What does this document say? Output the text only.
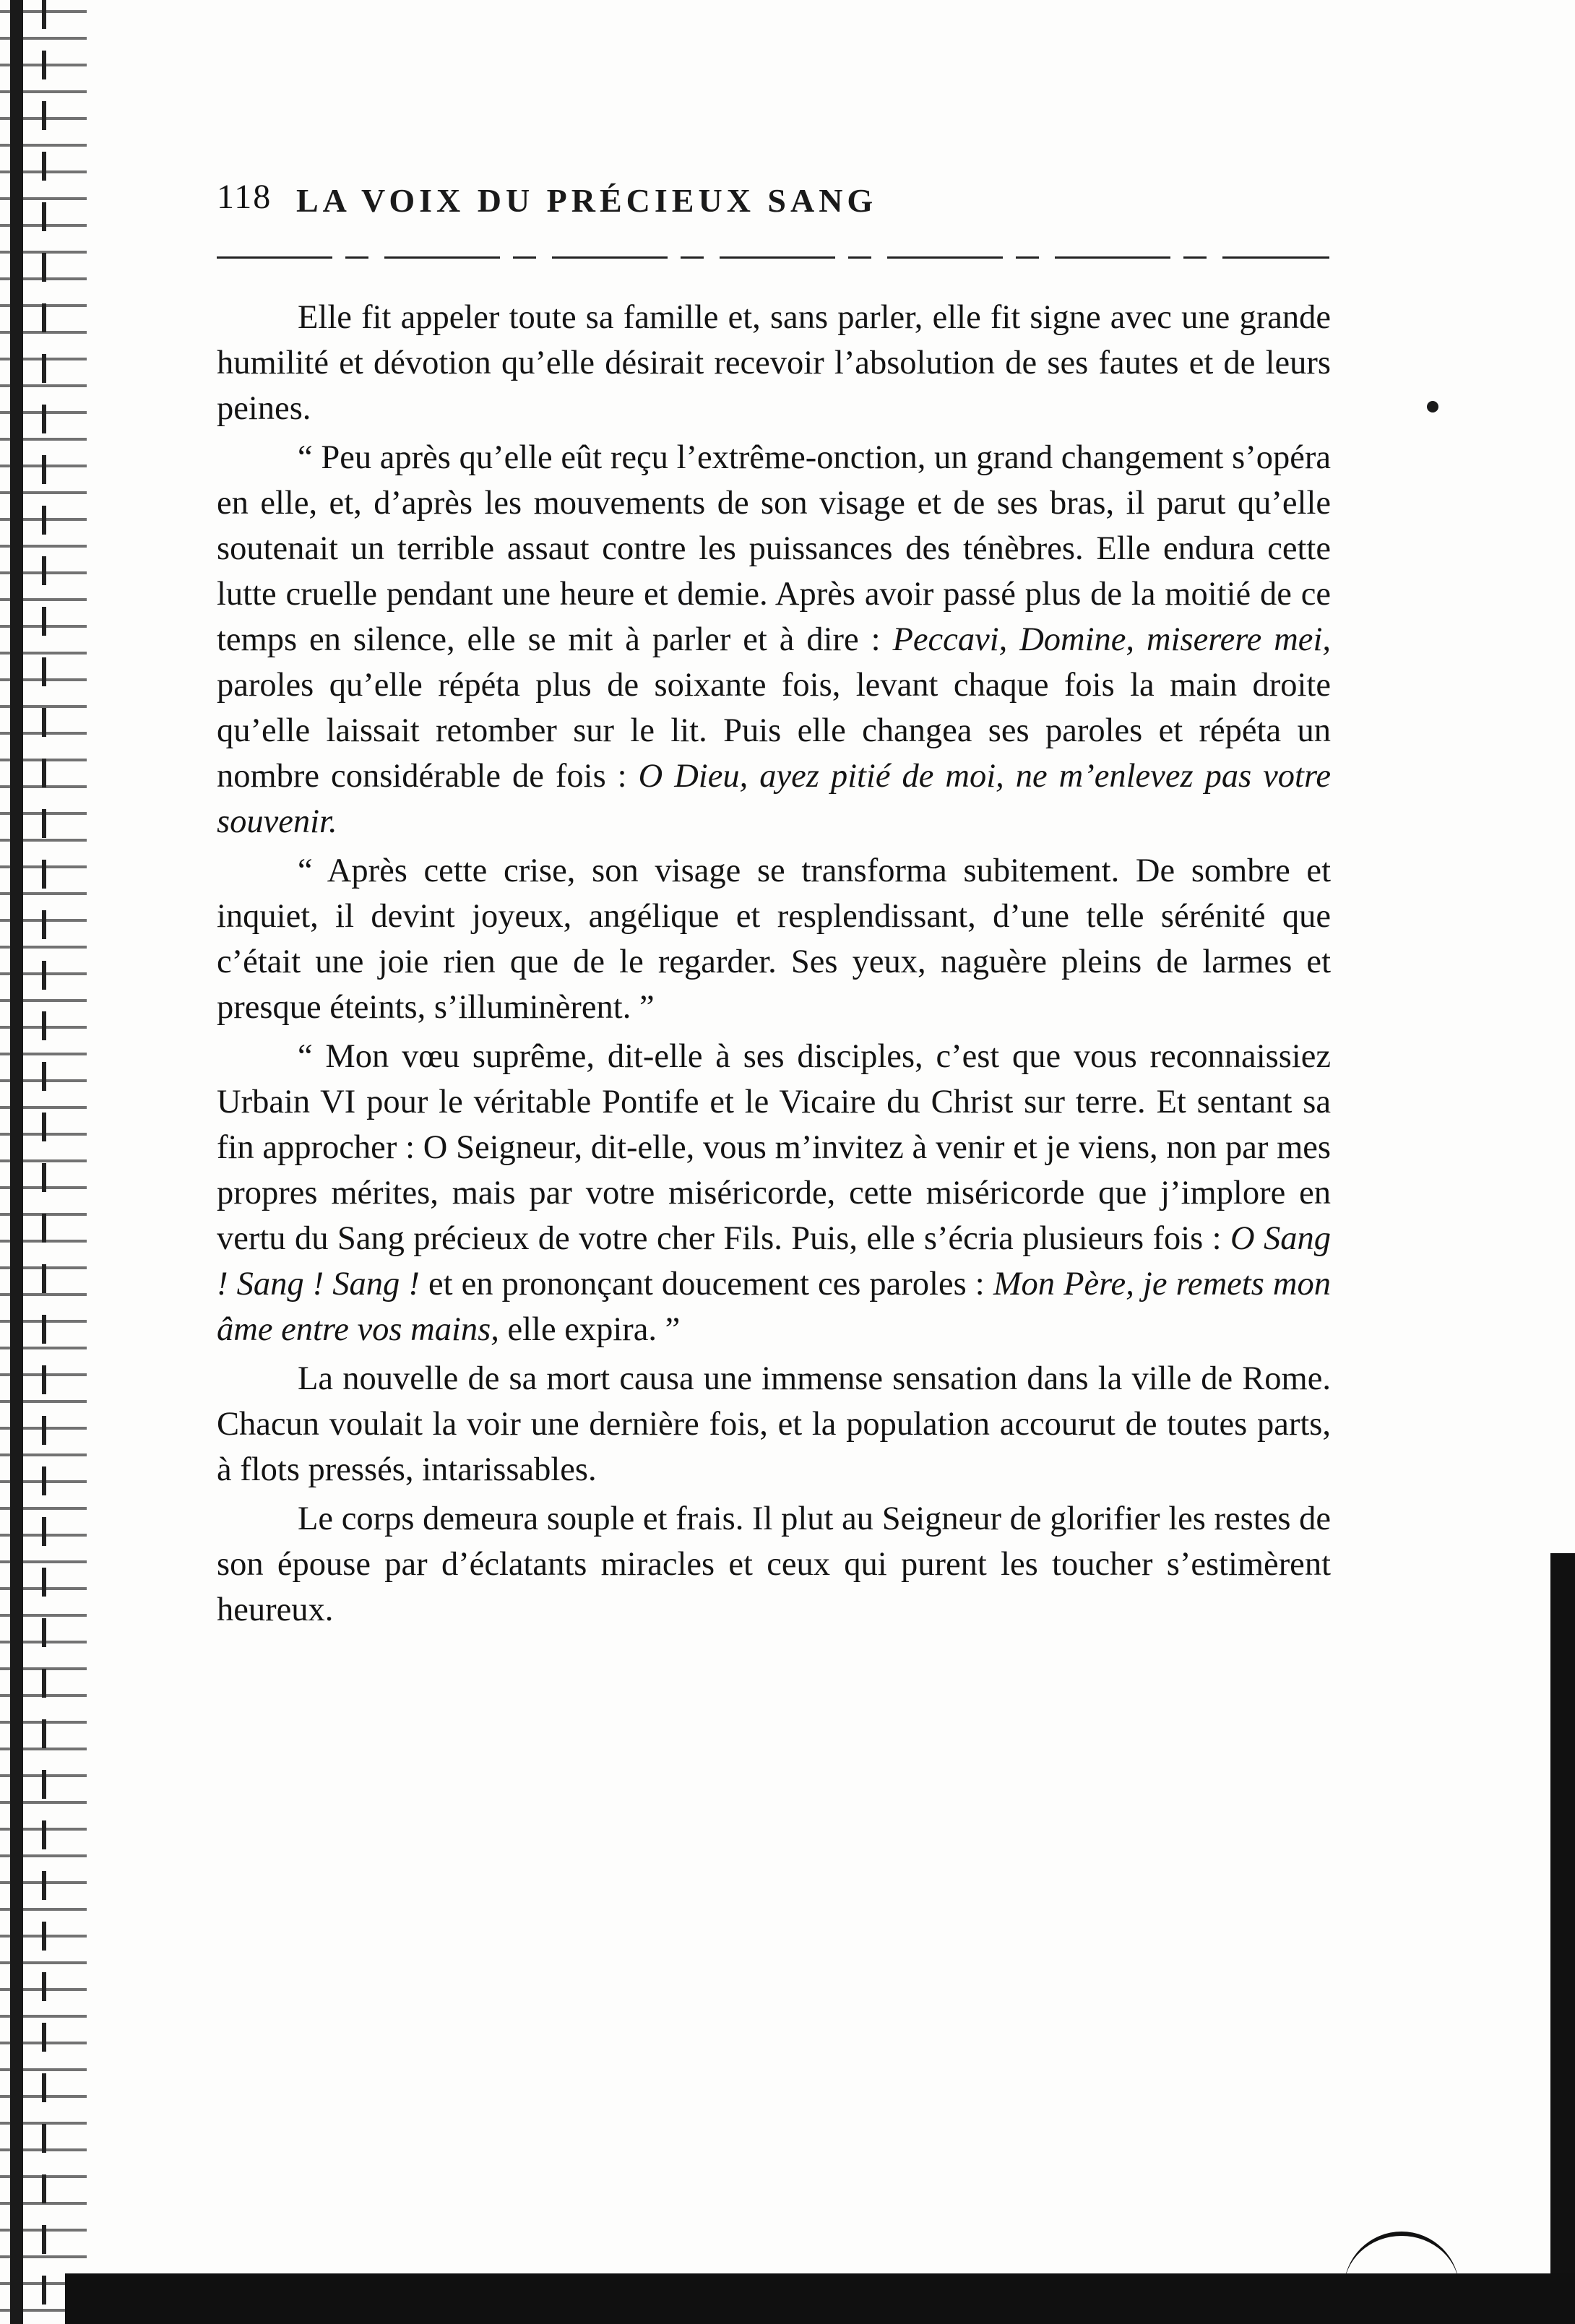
118 LA VOIX DU PRÉCIEUX SANG

Elle fit appeler toute sa famille et, sans parler, elle fit signe avec une grande humilité et dévotion qu’elle désirait recevoir l’absolution de ses fautes et de leurs peines.

“ Peu après qu’elle eût reçu l’extrême-onction, un grand changement s’opéra en elle, et, d’après les mouvements de son visage et de ses bras, il parut qu’elle soutenait un terrible assaut contre les puissances des ténèbres. Elle endura cette lutte cruelle pendant une heure et demie. Après avoir passé plus de la moitié de ce temps en silence, elle se mit à parler et à dire : Peccavi, Domine, miserere mei, paroles qu’elle répéta plus de soixante fois, levant chaque fois la main droite qu’elle laissait retomber sur le lit. Puis elle changea ses paroles et répéta un nombre considérable de fois : O Dieu, ayez pitié de moi, ne m’enlevez pas votre souvenir.

“ Après cette crise, son visage se transforma subitement. De sombre et inquiet, il devint joyeux, angélique et resplendissant, d’une telle sérénité que c’était une joie rien que de le regarder. Ses yeux, naguère pleins de larmes et presque éteints, s’illuminèrent. ”

“ Mon vœu suprême, dit-elle à ses disciples, c’est que vous reconnaissiez Urbain VI pour le véritable Pontife et le Vicaire du Christ sur terre. Et sentant sa fin approcher : O Seigneur, dit-elle, vous m’invitez à venir et je viens, non par mes propres mérites, mais par votre miséricorde, cette miséricorde que j’implore en vertu du Sang précieux de votre cher Fils. Puis, elle s’écria plusieurs fois : O Sang ! Sang ! Sang ! et en prononçant doucement ces paroles : Mon Père, je remets mon âme entre vos mains, elle expira. ”

La nouvelle de sa mort causa une immense sensation dans la ville de Rome. Chacun voulait la voir une dernière fois, et la population accourut de toutes parts, à flots pressés, intarissables.

Le corps demeura souple et frais. Il plut au Seigneur de glorifier les restes de son épouse par d’éclatants miracles et ceux qui purent les toucher s’estimèrent heureux.
